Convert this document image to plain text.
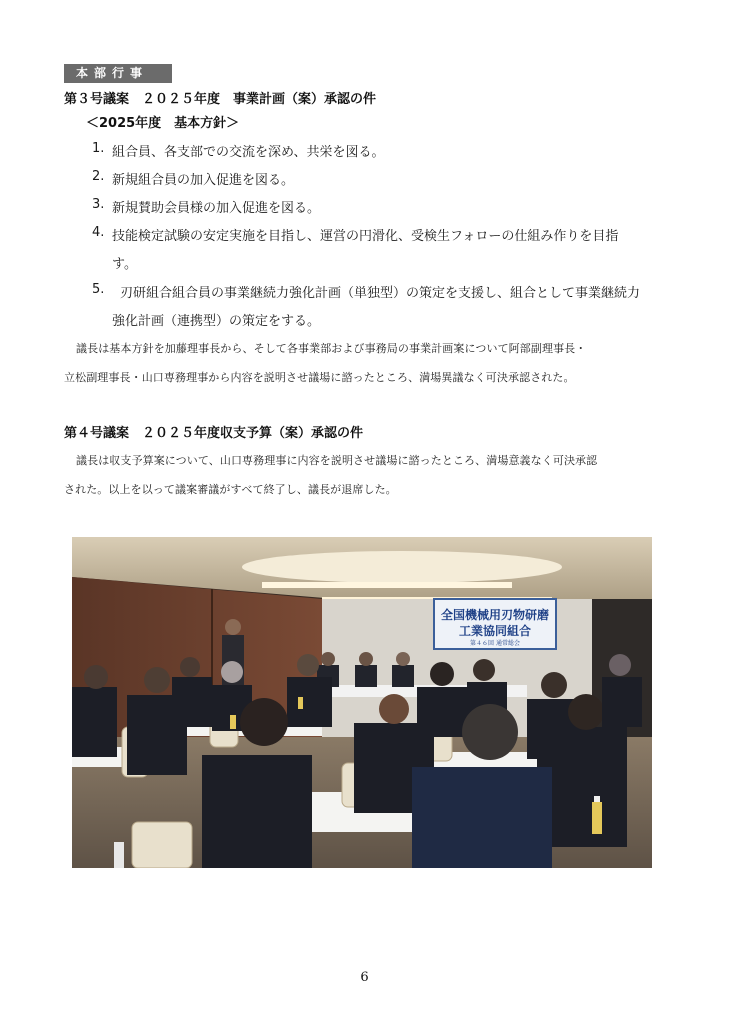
本部行事
第３号議案　２０２５年度　事業計画（案）承認の件
＜2025年度　基本方針＞
1. 組合員、各支部での交流を深め、共栄を図る。
2. 新規組合員の加入促進を図る。
3. 新規賛助会員様の加入促進を図る。
4. 技能検定試験の安定実施を目指し、運営の円滑化、受検生フォローの仕組み作りを目指
す。
5. 刃研組合組合員の事業継続力強化計画（単独型）の策定を支援し、組合として事業継続力
強化計画（連携型）の策定をする。
議長は基本方針を加藤理事長から、そして各事業部および事務局の事業計画案について阿部副理事長・
立松副理事長・山口専務理事から内容を説明させ議場に諮ったところ、満場異議なく可決承認された。
第４号議案　２０２５年度収支予算（案）承認の件
議長は収支予算案について、山口専務理事に内容を説明させ議場に諮ったところ、満場意義なく可決承認
された。以上を以って議案審議がすべて終了し、議長が退席した。
全国機械用刃物研磨
工業協同組合
第４６回 通常総会
6
